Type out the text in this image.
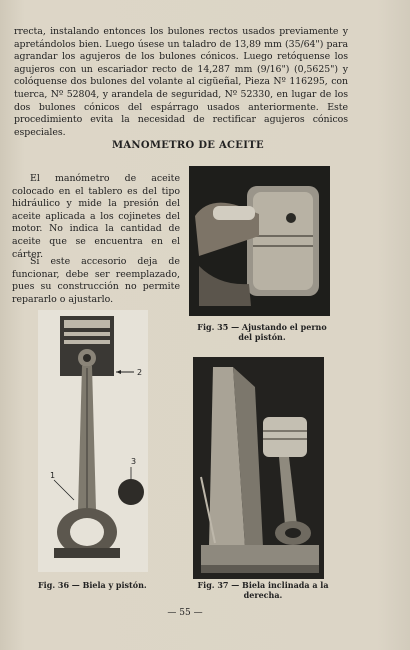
rrecta, instalando entonces los bulones rectos usados previamente y apretándolos bien. Luego úsese un taladro de 13,89 mm (35/64") para agrandar los agujeros de los bulones cónicos. Luego retóquense los agujeros con un escariador recto de 14,287 mm (9/16") (0,5625") y colóquense dos bulones del volante al cigüeñal, Pieza Nº 116295, con tuerca, Nº 52804, y arandela de seguridad, Nº 52330, en lugar de los dos bulones cónicos del espárrago usados anteriormente. Este procedimiento evita la necesidad de rectificar agujeros cónicos especiales.
MANOMETRO DE ACEITE
El manómetro de aceite colocado en el tablero es del tipo hidráulico y mide la presión del aceite aplicada a los cojinetes del motor. No indica la cantidad de aceite que se encuentra en el cárter.
Si este accesorio deja de funcionar, debe ser reemplazado, pues su construcción no permite repararlo o ajustarlo.
Fig. 35 — Ajustando el perno del pistón.
2
1
3
Fig. 36 — Biela y pistón.	Fig. 37 — Biela inclinada a la derecha.
— 55 —
